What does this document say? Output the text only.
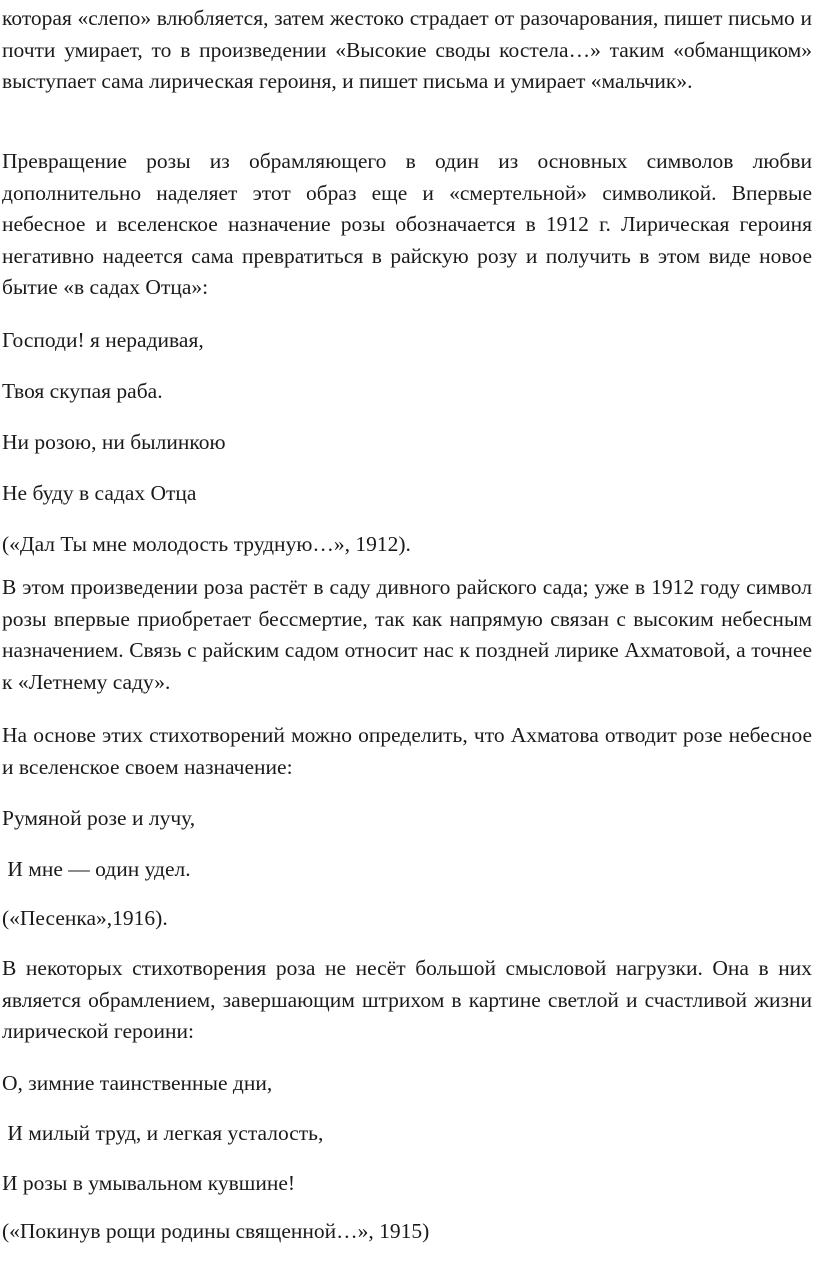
которая «слепо» влюбляется, затем жестоко страдает от разочарования, пишет письмо и почти умирает, то в произведении «Высокие своды костела…» таким «обманщиком» выступает сама лирическая героиня, и пишет письма и умирает «мальчик».

Превращение розы из обрамляющего в один из основных символов любви дополнительно наделяет этот образ еще и «смертельной» символикой. Впервые небесное и вселенское назначение розы обозначается в 1912 г. Лирическая героиня негативно надеется сама превратиться в райскую розу и получить в этом виде новое бытие «в садах Отца»:

Господи! я нерадивая,

Твоя скупая раба.

Ни розою, ни былинкою

Не буду в садах Отца

(«Дал Ты мне молодость трудную…», 1912).

В этом произведении роза растёт в саду дивного райского сада; уже в 1912 году символ розы впервые приобретает бессмертие, так как напрямую связан с высоким небесным назначением. Связь с райским садом относит нас к поздней лирике Ахматовой, а точнее к «Летнему саду».

На основе этих стихотворений можно определить, что Ахматова отводит розе небесное и вселенское своем назначение:

Румяной розе и лучу,

И мне — один удел.

(«Песенка»,1916).

В некоторых стихотворения роза не несёт большой смысловой нагрузки. Она в них является обрамлением, завершающим штрихом в картине светлой и счастливой жизни лирической героини:

О, зимние таинственные дни,

И милый труд, и легкая усталость,

И розы в умывальном кувшине!

(«Покинув рощи родины священной…», 1915)
